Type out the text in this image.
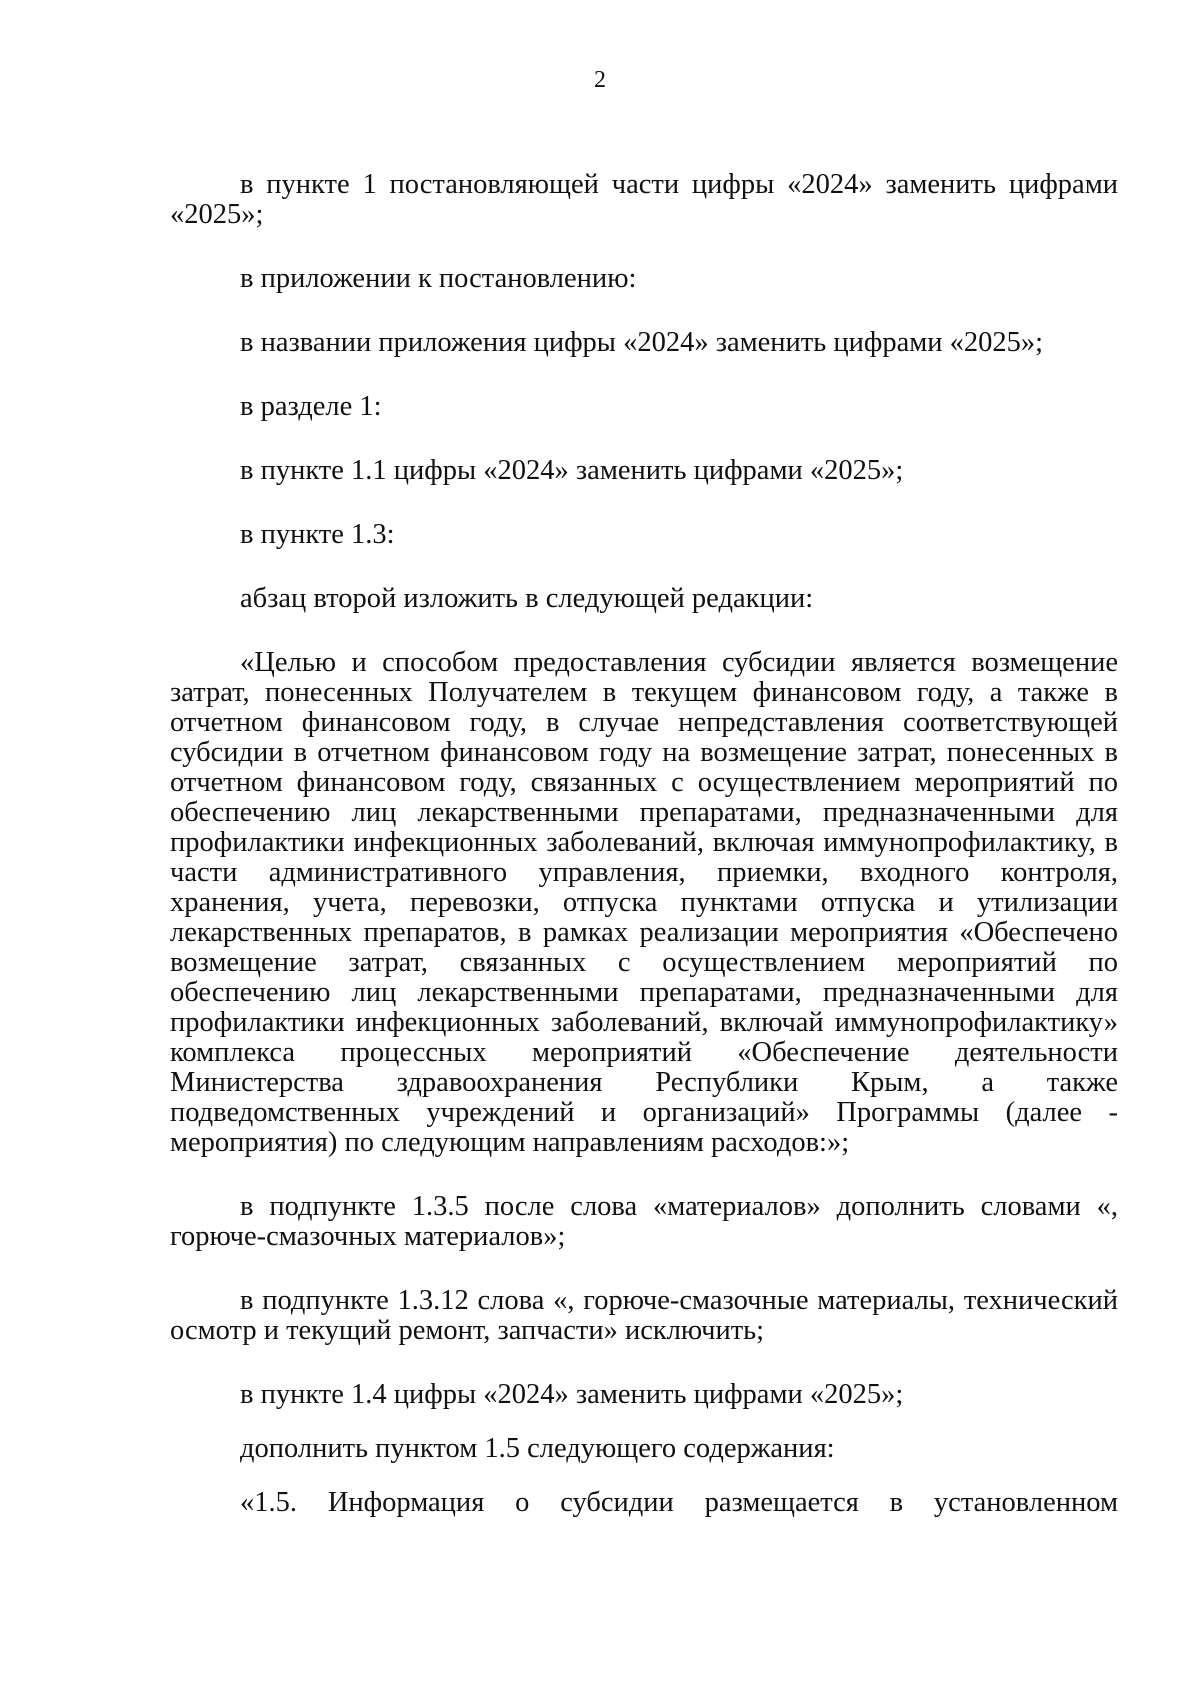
2

в пункте 1 постановляющей части цифры «2024» заменить цифрами «2025»;

в приложении к постановлению:

в названии приложения цифры «2024» заменить цифрами «2025»;

в разделе 1:

в пункте 1.1 цифры «2024» заменить цифрами «2025»;

в пункте 1.3:

абзац второй изложить в следующей редакции:

«Целью и способом предоставления субсидии является возмещение затрат, понесенных Получателем в текущем финансовом году, а также в отчетном финансовом году, в случае непредставления соответствующей субсидии в отчетном финансовом году на возмещение затрат, понесенных в отчетном финансовом году, связанных с осуществлением мероприятий по обеспечению лиц лекарственными препаратами, предназначенными для профилактики инфекционных заболеваний, включая иммунопрофилактику, в части административного управления, приемки, входного контроля, хранения, учета, перевозки, отпуска пунктами отпуска и утилизации лекарственных препаратов, в рамках реализации мероприятия «Обеспечено возмещение затрат, связанных с осуществлением мероприятий по обеспечению лиц лекарственными препаратами, предназначенными для профилактики инфекционных заболеваний, включай иммунопрофилактику» комплекса процессных мероприятий «Обеспечение деятельности Министерства здравоохранения Республики Крым, а также подведомственных учреждений и организаций» Программы (далее - мероприятия) по следующим направлениям расходов:»;

в подпункте 1.3.5 после слова «материалов» дополнить словами «, горюче-смазочных материалов»;

в подпункте 1.3.12 слова «, горюче-смазочные материалы, технический осмотр и текущий ремонт, запчасти» исключить;

в пункте 1.4 цифры «2024» заменить цифрами «2025»;

дополнить пунктом 1.5 следующего содержания:

«1.5. Информация о субсидии размещается в установленном
